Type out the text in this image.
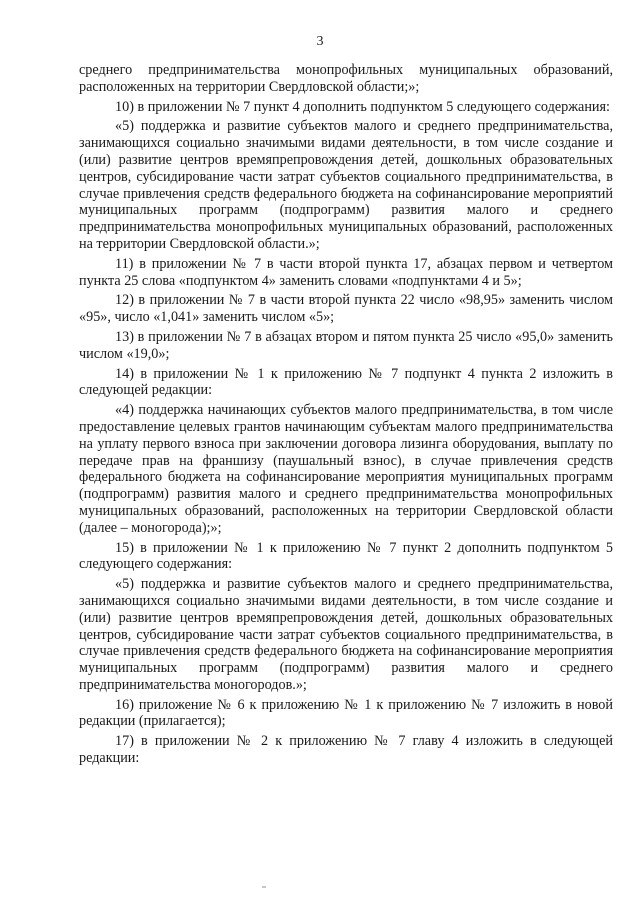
3

среднего предпринимательства монопрофильных муниципальных образований, расположенных на территории Свердловской области;»;

10) в приложении № 7 пункт 4 дополнить подпунктом 5 следующего содержания:

«5) поддержка и развитие субъектов малого и среднего предпринимательства, занимающихся социально значимыми видами деятельности, в том числе создание и (или) развитие центров времяпрепровождения детей, дошкольных образовательных центров, субсидирование части затрат субъектов социального предпринимательства, в случае привлечения средств федерального бюджета на софинансирование мероприятий муниципальных программ (подпрограмм) развития малого и среднего предпринимательства монопрофильных муниципальных образований, расположенных на территории Свердловской области.»;

11) в приложении № 7 в части второй пункта 17, абзацах первом и четвертом пункта 25 слова «подпунктом 4» заменить словами «подпунктами 4 и 5»;

12) в приложении № 7 в части второй пункта 22 число «98,95» заменить числом «95», число «1,041» заменить числом «5»;

13) в приложении № 7 в абзацах втором и пятом пункта 25 число «95,0» заменить числом «19,0»;

14) в приложении № 1 к приложению № 7 подпункт 4 пункта 2 изложить в следующей редакции:

«4) поддержка начинающих субъектов малого предпринимательства, в том числе предоставление целевых грантов начинающим субъектам малого предпринимательства на уплату первого взноса при заключении договора лизинга оборудования, выплату по передаче прав на франшизу (паушальный взнос), в случае привлечения средств федерального бюджета на софинансирование мероприятия муниципальных программ (подпрограмм) развития малого и среднего предпринимательства монопрофильных муниципальных образований, расположенных на территории Свердловской области (далее – моногорода);»;

15) в приложении № 1 к приложению № 7 пункт 2 дополнить подпунктом 5 следующего содержания:

«5) поддержка и развитие субъектов малого и среднего предпринимательства, занимающихся социально значимыми видами деятельности, в том числе создание и (или) развитие центров времяпрепровождения детей, дошкольных образовательных центров, субсидирование части затрат субъектов социального предпринимательства, в случае привлечения средств федерального бюджета на софинансирование мероприятия муниципальных программ (подпрограмм) развития малого и среднего предпринимательства моногородов.»;

16) приложение № 6 к приложению № 1 к приложению № 7 изложить в новой редакции (прилагается);

17) в приложении № 2 к приложению № 7 главу 4 изложить в следующей редакции:
